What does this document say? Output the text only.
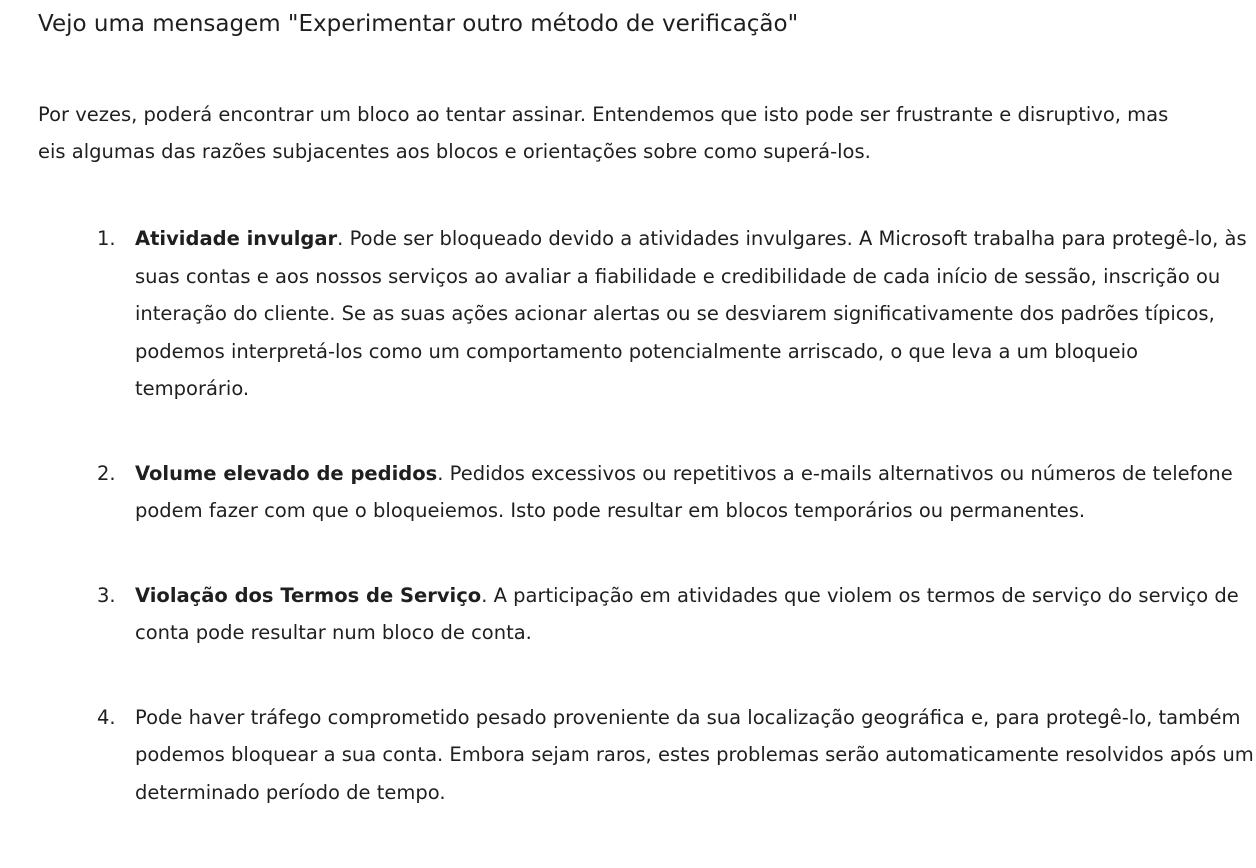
Vejo uma mensagem "Experimentar outro método de verificação"

Por vezes, poderá encontrar um bloco ao tentar assinar. Entendemos que isto pode ser frustrante e disruptivo, mas eis algumas das razões subjacentes aos blocos e orientações sobre como superá-los.

1. Atividade invulgar. Pode ser bloqueado devido a atividades invulgares. A Microsoft trabalha para protegê-lo, às suas contas e aos nossos serviços ao avaliar a fiabilidade e credibilidade de cada início de sessão, inscrição ou interação do cliente. Se as suas ações acionar alertas ou se desviarem significativamente dos padrões típicos, podemos interpretá-los como um comportamento potencialmente arriscado, o que leva a um bloqueio temporário.
2. Volume elevado de pedidos. Pedidos excessivos ou repetitivos a e-mails alternativos ou números de telefone podem fazer com que o bloqueiemos. Isto pode resultar em blocos temporários ou permanentes.
3. Violação dos Termos de Serviço. A participação em atividades que violem os termos de serviço do serviço de conta pode resultar num bloco de conta.
4. Pode haver tráfego comprometido pesado proveniente da sua localização geográfica e, para protegê-lo, também podemos bloquear a sua conta. Embora sejam raros, estes problemas serão automaticamente resolvidos após um determinado período de tempo.
